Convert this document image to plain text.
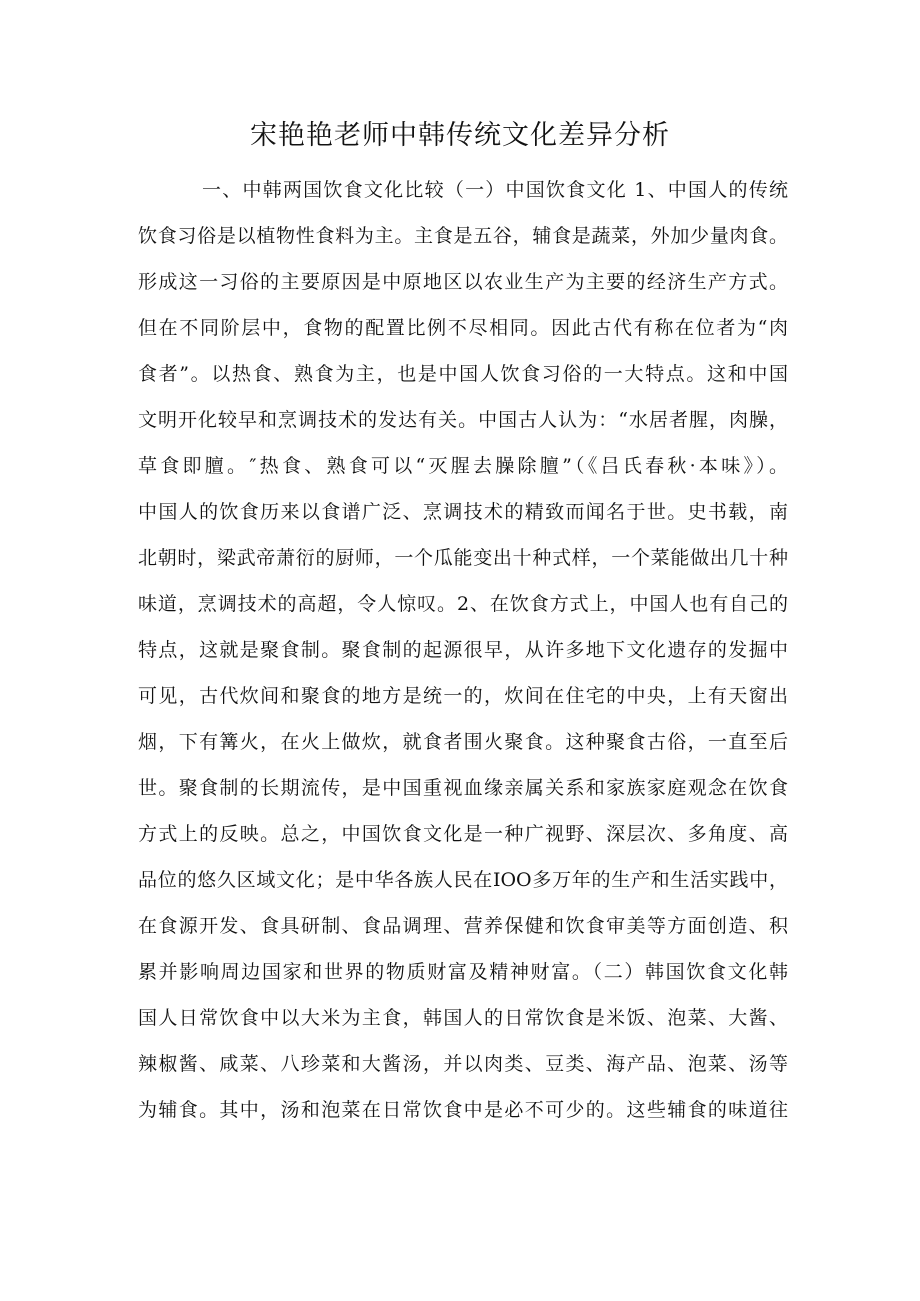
宋艳艳老师中韩传统文化差异分析
一、中韩两国饮食文化比较（一）中国饮食文化 1、中国人的传统
饮食习俗是以植物性食料为主。主食是五谷，辅食是蔬菜，外加少量肉食。
形成这一习俗的主要原因是中原地区以农业生产为主要的经济生产方式。
但在不同阶层中，食物的配置比例不尽相同。因此古代有称在位者为“肉
食者”。以热食、熟食为主，也是中国人饮食习俗的一大特点。这和中国
文明开化较早和烹调技术的发达有关。中国古人认为：“水居者腥，肉臊，
草食即膻。″热食、熟食可以“灭腥去臊除膻”（《吕氏春秋·本味》）。
中国人的饮食历来以食谱广泛、烹调技术的精致而闻名于世。史书载，南
北朝时，梁武帝萧衍的厨师，一个瓜能变出十种式样，一个菜能做出几十种
味道，烹调技术的高超，令人惊叹。2、在饮食方式上，中国人也有自己的
特点，这就是聚食制。聚食制的起源很早，从许多地下文化遗存的发掘中
可见，古代炊间和聚食的地方是统一的，炊间在住宅的中央，上有天窗出
烟，下有篝火，在火上做炊，就食者围火聚食。这种聚食古俗，一直至后
世。聚食制的长期流传，是中国重视血缘亲属关系和家族家庭观念在饮食
方式上的反映。总之，中国饮食文化是一种广视野、深层次、多角度、高
品位的悠久区域文化；是中华各族人民在IOO多万年的生产和生活实践中，
在食源开发、食具研制、食品调理、营养保健和饮食审美等方面创造、积
累并影响周边国家和世界的物质财富及精神财富。（二）韩国饮食文化韩
国人日常饮食中以大米为主食，韩国人的日常饮食是米饭、泡菜、大酱、
辣椒酱、咸菜、八珍菜和大酱汤，并以肉类、豆类、海产品、泡菜、汤等
为辅食。其中，汤和泡菜在日常饮食中是必不可少的。这些辅食的味道往
